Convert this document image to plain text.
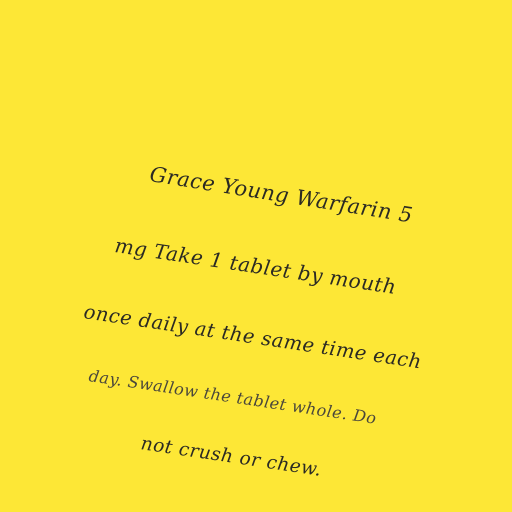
Grace Young Warfarin 5
mg Take 1 tablet by mouth
once daily at the same time each
day. Swallow the tablet whole. Do
not crush or chew.
